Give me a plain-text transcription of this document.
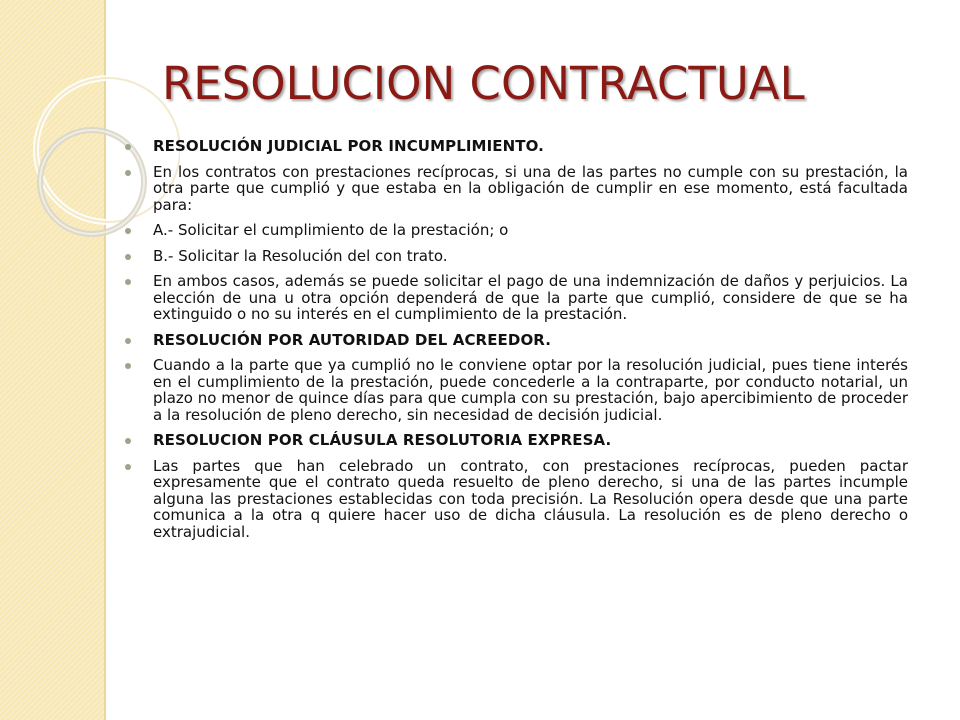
RESOLUCION CONTRACTUAL
RESOLUCIÓN JUDICIAL POR INCUMPLIMIENTO.
En los contratos con prestaciones recíprocas, si una de las partes no cumple con su prestación, la otra parte que cumplió y que estaba en la obligación de cumplir en ese momento, está facultada para:
A.- Solicitar el cumplimiento de la prestación; o
B.- Solicitar la Resolución del con trato.
En ambos casos, además se puede solicitar el pago de una indemnización de daños y perjuicios. La elección de una u otra opción dependerá de que la parte que cumplió, considere de que se ha extinguido o no su interés en el cumplimiento de la prestación.
RESOLUCIÓN POR AUTORIDAD DEL ACREEDOR.
Cuando a la parte que ya cumplió no le conviene optar por la resolución judicial, pues tiene interés en el cumplimiento de la prestación, puede concederle a la contraparte, por conducto notarial, un plazo no menor de quince días para que cumpla con su prestación, bajo apercibimiento de proceder a la resolución de pleno derecho, sin necesidad de decisión judicial.
RESOLUCION POR CLÁUSULA RESOLUTORIA EXPRESA.
Las partes que han celebrado un contrato, con prestaciones recíprocas, pueden pactar expresamente que el contrato queda resuelto de pleno derecho, si una de las partes incumple alguna las prestaciones establecidas con toda precisión. La Resolución opera desde que una parte comunica a la otra q quiere hacer uso de dicha cláusula. La resolución es de pleno derecho o extrajudicial.
